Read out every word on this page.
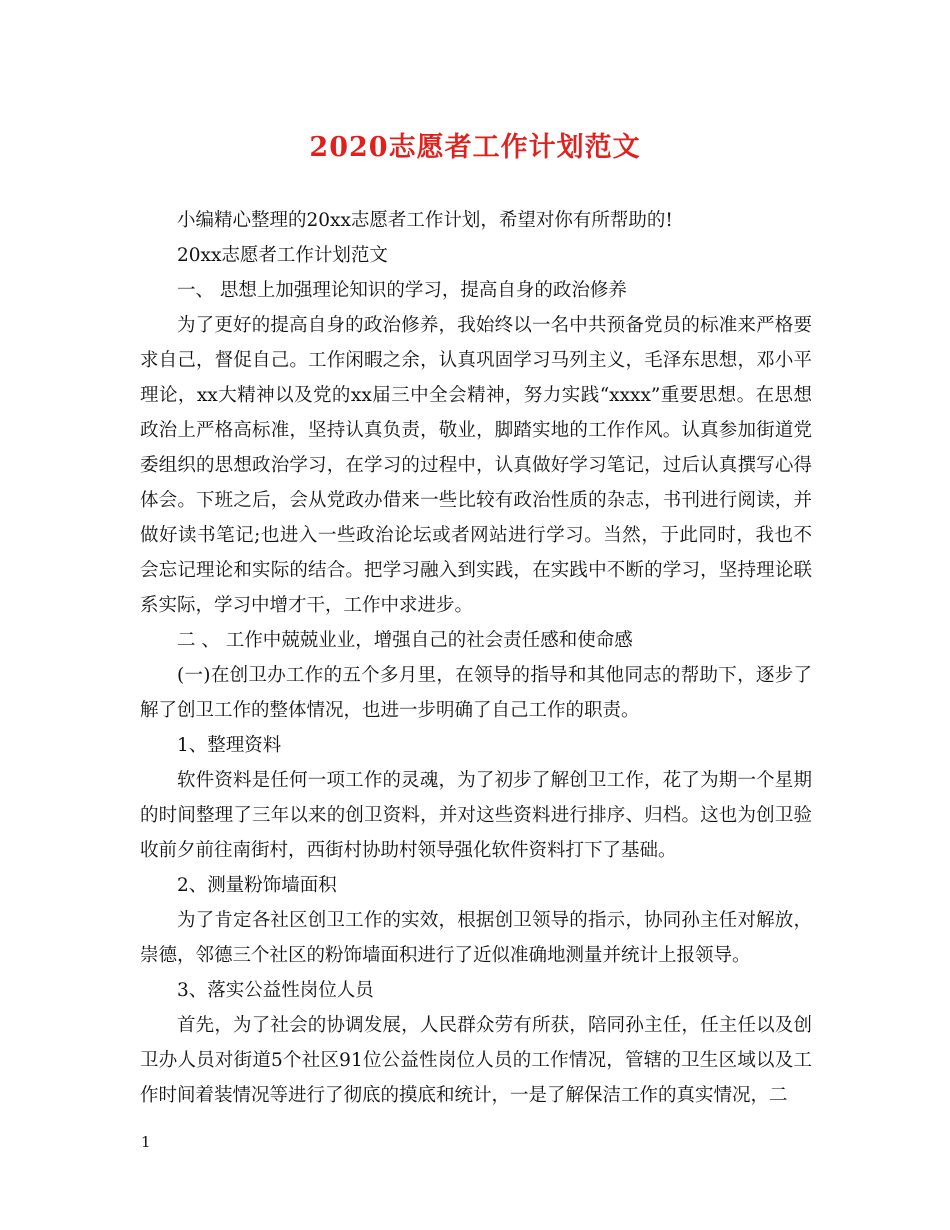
2020志愿者工作计划范文

小编精心整理的20xx志愿者工作计划，希望对你有所帮助的!

20xx志愿者工作计划范文

一、 思想上加强理论知识的学习，提高自身的政治修养

为了更好的提高自身的政治修养，我始终以一名中共预备党员的标准来严格要求自己，督促自己。工作闲暇之余，认真巩固学习马列主义，毛泽东思想，邓小平理论，xx大精神以及党的xx届三中全会精神，努力实践“xxxx”重要思想。在思想政治上严格高标准，坚持认真负责，敬业，脚踏实地的工作作风。认真参加街道党委组织的思想政治学习，在学习的过程中，认真做好学习笔记，过后认真撰写心得体会。下班之后，会从党政办借来一些比较有政治性质的杂志，书刊进行阅读，并做好读书笔记;也进入一些政治论坛或者网站进行学习。当然，于此同时，我也不会忘记理论和实际的结合。把学习融入到实践，在实践中不断的学习，坚持理论联系实际，学习中增才干，工作中求进步。

二 、 工作中兢兢业业，增强自己的社会责任感和使命感

(一)在创卫办工作的五个多月里，在领导的指导和其他同志的帮助下，逐步了解了创卫工作的整体情况，也进一步明确了自己工作的职责。

1、整理资料

软件资料是任何一项工作的灵魂，为了初步了解创卫工作，花了为期一个星期的时间整理了三年以来的创卫资料，并对这些资料进行排序、归档。这也为创卫验收前夕前往南街村，西街村协助村领导强化软件资料打下了基础。

2、测量粉饰墙面积

为了肯定各社区创卫工作的实效，根据创卫领导的指示，协同孙主任对解放，崇德，邻德三个社区的粉饰墙面积进行了近似准确地测量并统计上报领导。

3、落实公益性岗位人员

首先，为了社会的协调发展，人民群众劳有所获，陪同孙主任，任主任以及创卫办人员对街道5个社区91位公益性岗位人员的工作情况，管辖的卫生区域以及工作时间着装情况等进行了彻底的摸底和统计，一是了解保洁工作的真实情况，二

1
